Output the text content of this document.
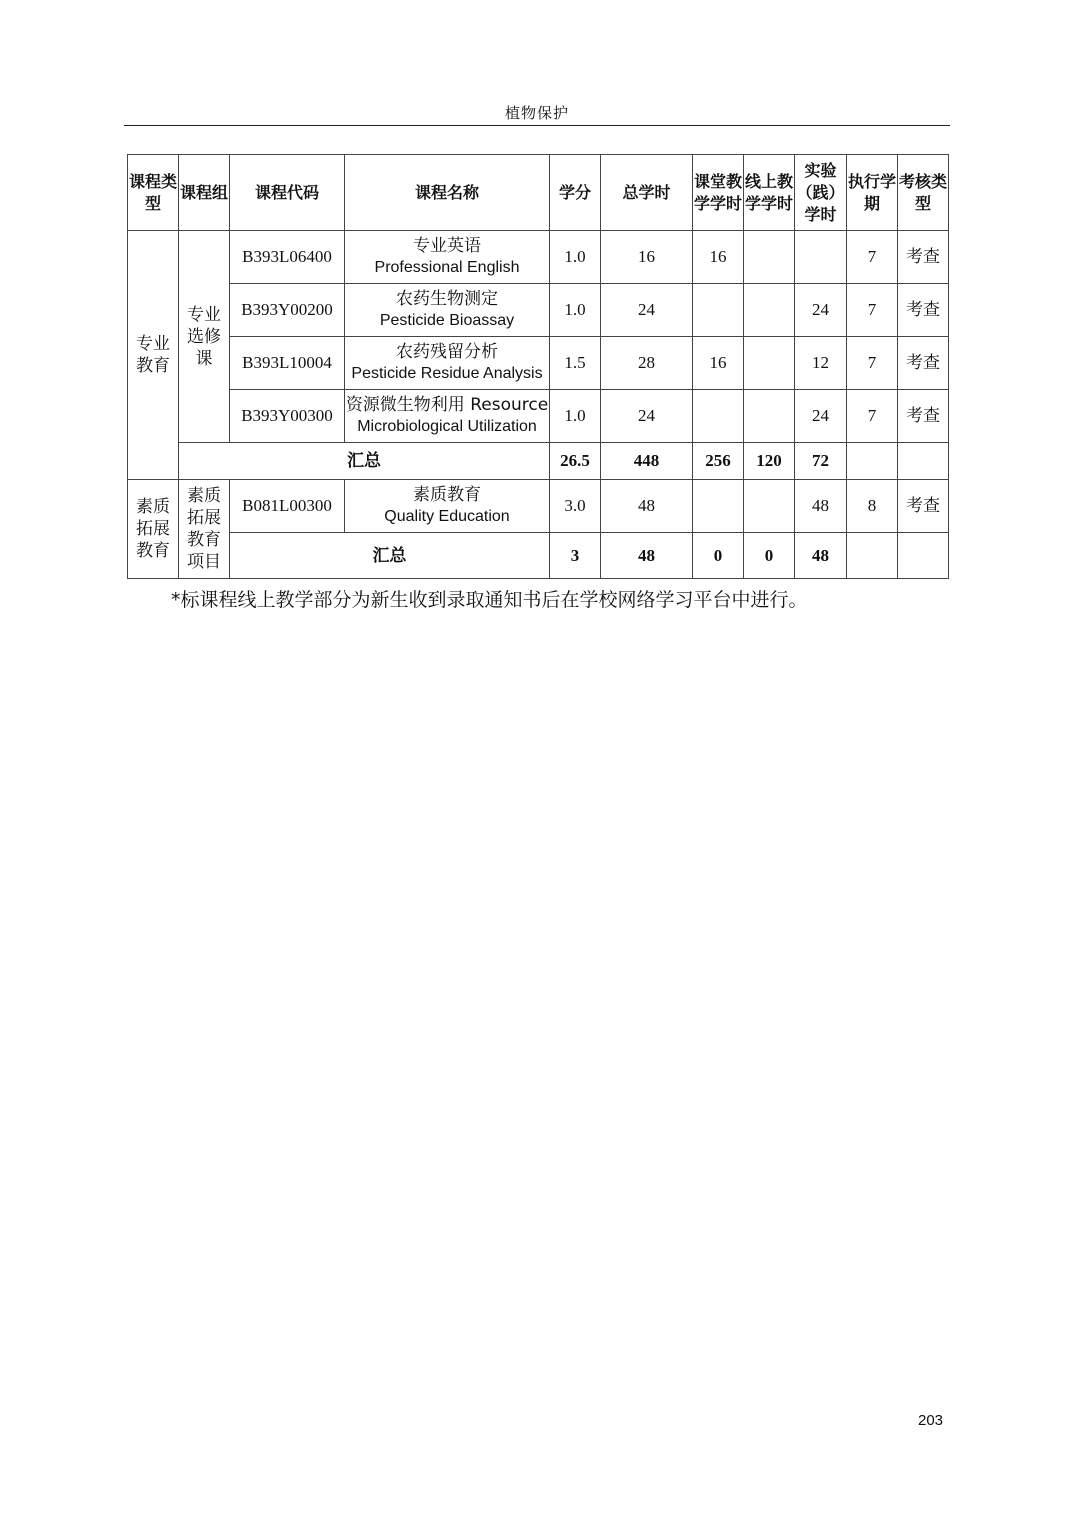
植物保护
课程类型	课程组	课程代码	课程名称	学分	总学时	课堂教学学时	线上教学学时	实验（践）学时	执行学期	考核类型
专业教育	专业选修课	B393L06400	专业英语
Professional English	1.0	16	16			7	考查
		B393Y00200	农药生物测定
Pesticide Bioassay	1.0	24			24	7	考查
		B393L10004	农药残留分析
Pesticide Residue Analysis	1.5	28	16		12	7	考查
		B393Y00300	资源微生物利用 Resource
Microbiological Utilization	1.0	24			24	7	考查
	汇总			26.5	448	256	120	72		
素质拓展教育	素质拓展教育项目	B081L00300	素质教育
Quality Education	3.0	48			48	8	考查
		汇总		3	48	0	0	48		
*标课程线上教学部分为新生收到录取通知书后在学校网络学习平台中进行。
203
